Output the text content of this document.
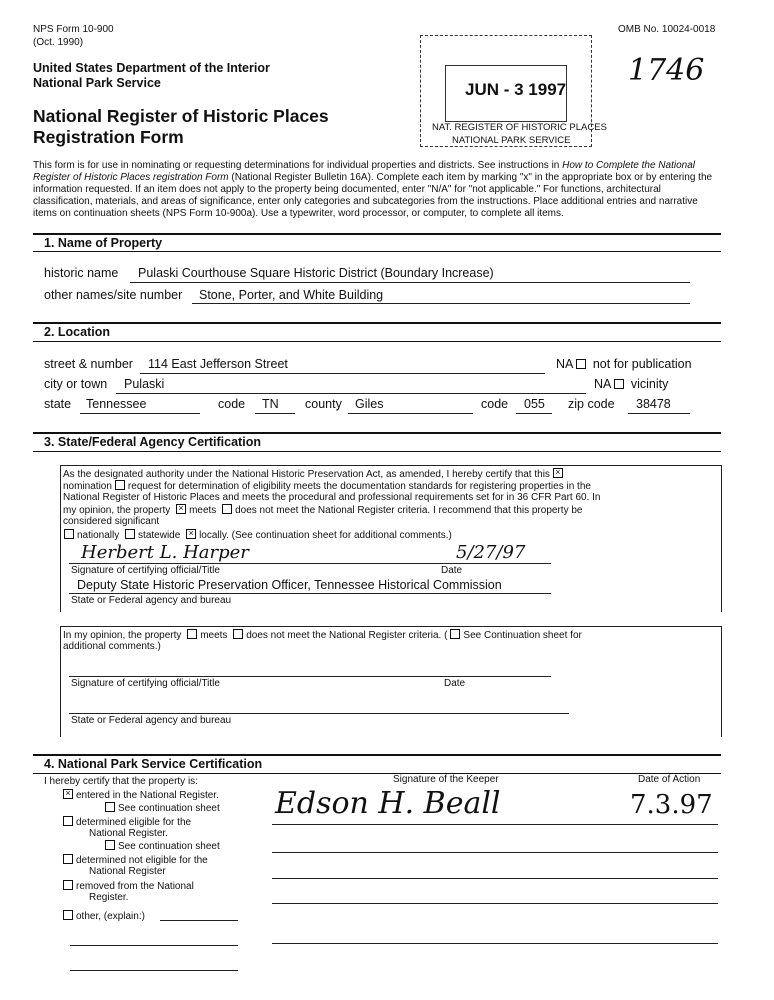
NPS Form 10-900
(Oct. 1990)
OMB No. 10024-0018
1746
United States Department of the Interior
National Park Service
National Register of Historic Places
Registration Form
JUN - 3 1997
NAT. REGISTER OF HISTORIC PLACES
NATIONAL PARK SERVICE
This form is for use in nominating or requesting determinations for individual properties and districts. See instructions in How to Complete the National Register of Historic Places registration Form (National Register Bulletin 16A). Complete each item by marking "x" in the appropriate box or by entering the information requested. If an item does not apply to the property being documented, enter "N/A" for "not applicable." For functions, architectural classification, materials, and areas of significance, enter only categories and subcategories from the instructions. Place additional entries and narrative items on continuation sheets (NPS Form 10-900a). Use a typewriter, word processor, or computer, to complete all items.
1. Name of Property
historic name Pulaski Courthouse Square Historic District (Boundary Increase)
other names/site number Stone, Porter, and White Building
2. Location
street & number 114 East Jefferson Street	NA not for publication
city or town Pulaski	NA vicinity
state Tennessee	code TN county Giles	code 055 zip code 38478
3. State/Federal Agency Certification
As the designated authority under the National Historic Preservation Act, as amended, I hereby certify that this×
nomination request for determination of eligibility meets the documentation standards for registering properties in the
National Register of Historic Places and meets the procedural and professional requirements set for in 36 CFR Part 60. In
my opinion, the property × meets does not meet the National Register criteria. I recommend that this property be
considered significant
nationally statewide × locally. (See continuation sheet for additional comments.)
Herbert L. Harper	5/27/97
Signature of certifying official/Title	Date
Deputy State Historic Preservation Officer, Tennessee Historical Commission
State or Federal agency and bureau
In my opinion, the property meets does not meet the National Register criteria. ( See Continuation sheet for
additional comments.)
Signature of certifying official/Title	Date
State or Federal agency and bureau
4. National Park Service Certification
I hereby certify that the property is:	Signature of the Keeper	Date of Action
Edson H. Beall	7.3.97
×entered in the National Register.
See continuation sheet
determined eligible for the
National Register.
See continuation sheet
determined not eligible for the
National Register
removed from the National
Register.
other, (explain:)
